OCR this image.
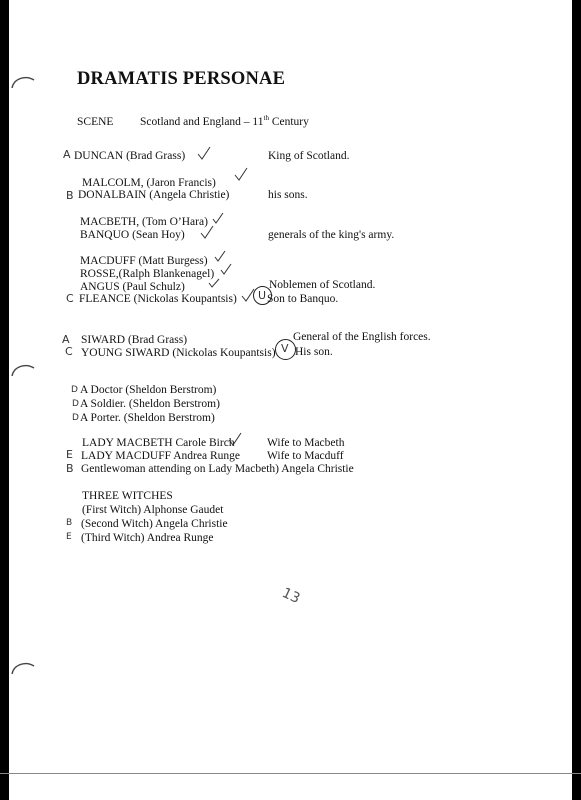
DRAMATIS PERSONAE
SCENE Scotland and England – 11th Century
A DUNCAN (Brad Grass)	King of Scotland.
MALCOLM, (Jaron Francis)
B DONALBAIN (Angela Christie)	his sons.
MACBETH, (Tom O’Hara)
BANQUO (Sean Hoy)	generals of the king's army.
MACDUFF (Matt Burgess)
ROSSE,(Ralph Blankenagel)
ANGUS (Paul Schulz)	Noblemen of Scotland.
C FLEANCE (Nickolas Koupantsis) U Son to Banquo.
A SIWARD (Brad Grass)	General of the English forces.
C YOUNG SIWARD (Nickolas Koupantsis) V His son.
D A Doctor (Sheldon Berstrom)
D A Soldier. (Sheldon Berstrom)
D A Porter. (Sheldon Berstrom)
LADY MACBETH Carole Birch	Wife to Macbeth
E LADY MACDUFF Andrea Runge Wife to Macduff
B Gentlewoman attending on Lady Macbeth) Angela Christie
THREE WITCHES
(First Witch) Alphonse Gaudet
B (Second Witch) Angela Christie
E (Third Witch) Andrea Runge
13
